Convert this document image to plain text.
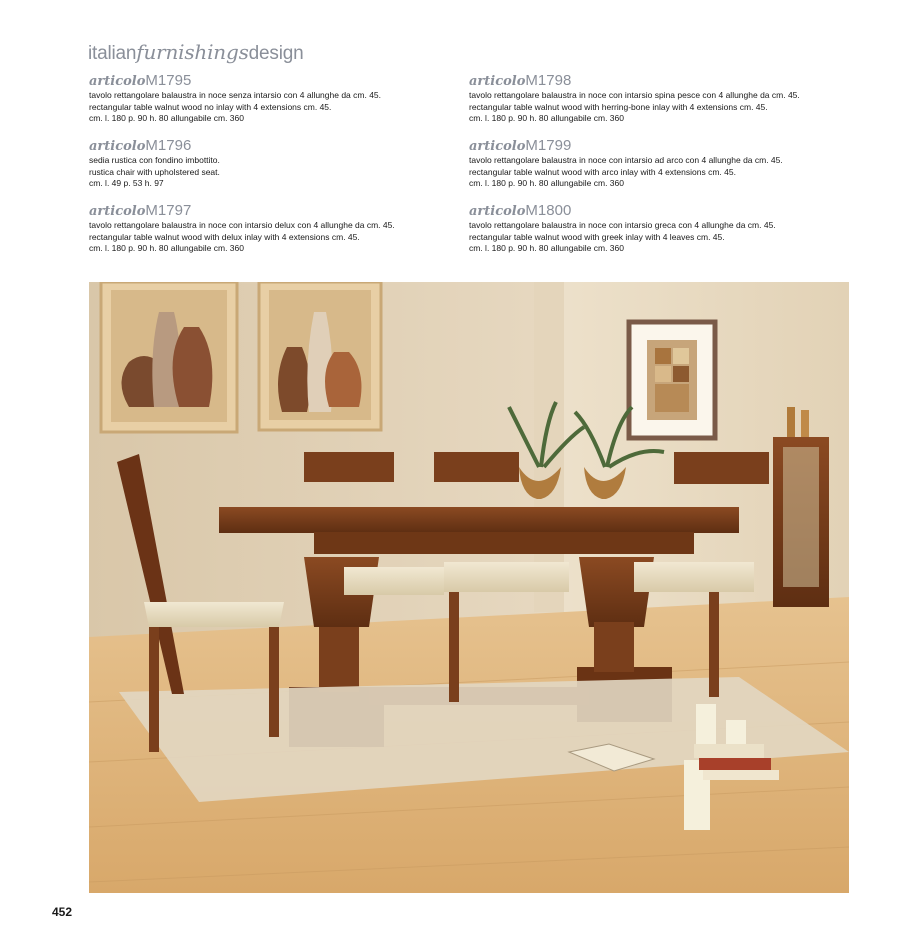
italianfurnishingsdesign
articoloM1795
tavolo rettangolare balaustra in noce senza intarsio con 4 allunghe da cm. 45.
rectangular table walnut wood no inlay with 4 extensions cm. 45.
cm. l. 180 p. 90 h. 80 allungabile cm. 360
articoloM1796
sedia rustica con fondino imbottito.
rustica chair with upholstered seat.
cm. l. 49 p. 53 h. 97
articoloM1797
tavolo rettangolare balaustra in noce con intarsio delux con 4 allunghe da cm. 45.
rectangular table walnut wood with delux inlay with 4 extensions cm. 45.
cm. l. 180 p. 90 h. 80 allungabile cm. 360
articoloM1798
tavolo rettangolare balaustra in noce con intarsio spina pesce con 4 allunghe da cm. 45.
rectangular table walnut wood with herring-bone inlay with 4 extensions cm. 45.
cm. l. 180 p. 90 h. 80 allungabile cm. 360
articoloM1799
tavolo rettangolare balaustra in noce con intarsio ad arco con 4 allunghe da cm. 45.
rectangular table walnut wood with arco inlay with 4 extensions cm. 45.
cm. l. 180 p. 90 h. 80 allungabile cm. 360
articoloM1800
tavolo rettangolare balaustra in noce con intarsio greca con 4 allunghe da cm. 45.
rectangular table walnut wood with greek inlay with 4 leaves cm. 45.
cm. l. 180 p. 90 h. 80 allungabile cm. 360
452
